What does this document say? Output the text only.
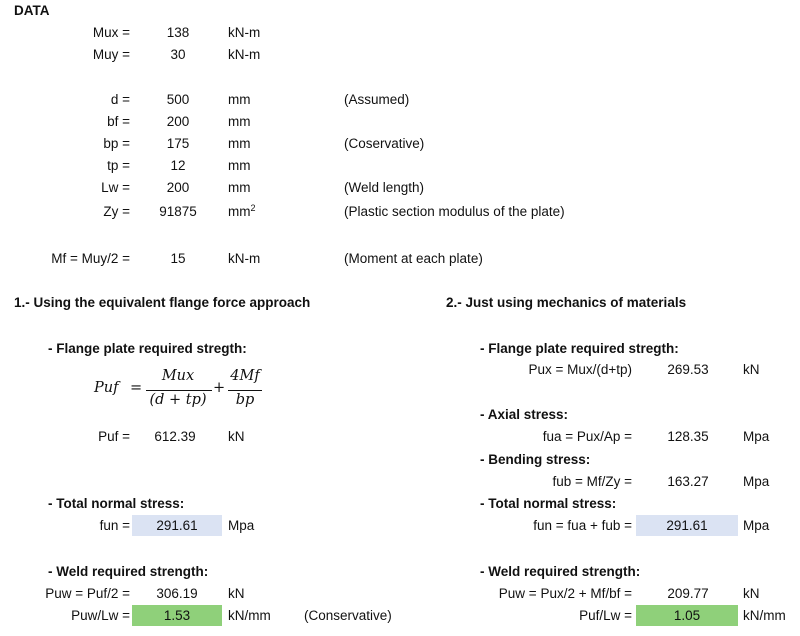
DATA
Mux =	138	kN-m
Muy =	30	kN-m
d =	500	mm	(Assumed)
bf =	200	mm
bp =	175	mm	(Coservative)
tp =	12	mm
Lw =	200	mm	(Weld length)
Zy =	91875	$mm^2$	(Plastic section modulus of the plate)
Mf = Muy/2 =	15	kN-m	(Moment at each plate)
1.- Using the equivalent flange force approach
- Flange plate required stregth:
Puf =
Mux
(d + tp)
+
4Mf
bp
Puf =	612.39	kN
- Total normal stress:
fun =	291.61	Mpa
- Weld required strength:
Puw = Puf/2 =	306.19	kN
Puw/Lw =	1.53	kN/mm (Conservative)
2.- Just using mechanics of materials
- Flange plate required stregth:
Pux = Μux/(d+tp)	269.53	kN
- Axial stress:
fua = Pux/Ap =	128.35	Mpa
- Bending stress:
fub = Mf/Zy =	163.27	Mpa
- Total normal stress:
fun = fua + fub =	291.61	Mpa
- Weld required strength:
Puw = Pux/2 + Mf/bf =	209.77	kN
Puf/Lw =	1.05	kN/mm
